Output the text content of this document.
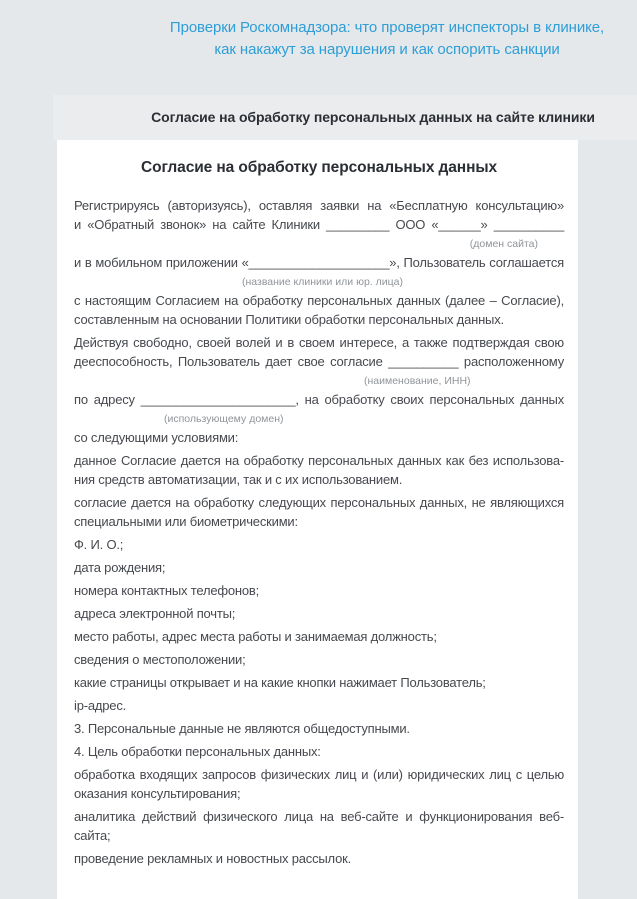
Проверки Роскомнадзора: что проверят инспекторы в клинике,
как накажут за нарушения и как оспорить санкции
Согласие на обработку персональных данных на сайте клиники
Согласие на обработку персональных данных
Регистрируясь (авторизуясь), оставляя заявки на «Бесплатную консультацию»
и «Обратный звонок» на сайте Клиники _________ ООО «______» __________
(домен сайта)
и в мобильном приложении «____________________», Пользователь соглашается
(название клиники или юр. лица)
с настоящим Согласием на обработку персональных данных (далее – Согласие),
составленным на основании Политики обработки персональных данных.
Действуя свободно, своей волей и в своем интересе, а также подтверждая свою
дееспособность, Пользователь дает свое согласие __________ расположенному
(наименование, ИНН)
по адресу ______________________, на обработку своих персональных данных
(использующему домен)
со следующими условиями:
данное Согласие дается на обработку персональных данных как без использова-
ния средств автоматизации, так и с их использованием.
согласие дается на обработку следующих персональных данных, не являющихся
специальными или биометрическими:
Ф. И. О.;
дата рождения;
номера контактных телефонов;
адреса электронной почты;
место работы, адрес места работы и занимаемая должность;
сведения о местоположении;
какие страницы открывает и на какие кнопки нажимает Пользователь;
ip-адрес.
3. Персональные данные не являются общедоступными.
4. Цель обработки персональных данных:
обработка входящих запросов физических лиц и (или) юридических лиц с целью
оказания консультирования;
аналитика действий физического лица на веб-сайте и функционирования веб-
сайта;
проведение рекламных и новостных рассылок.
